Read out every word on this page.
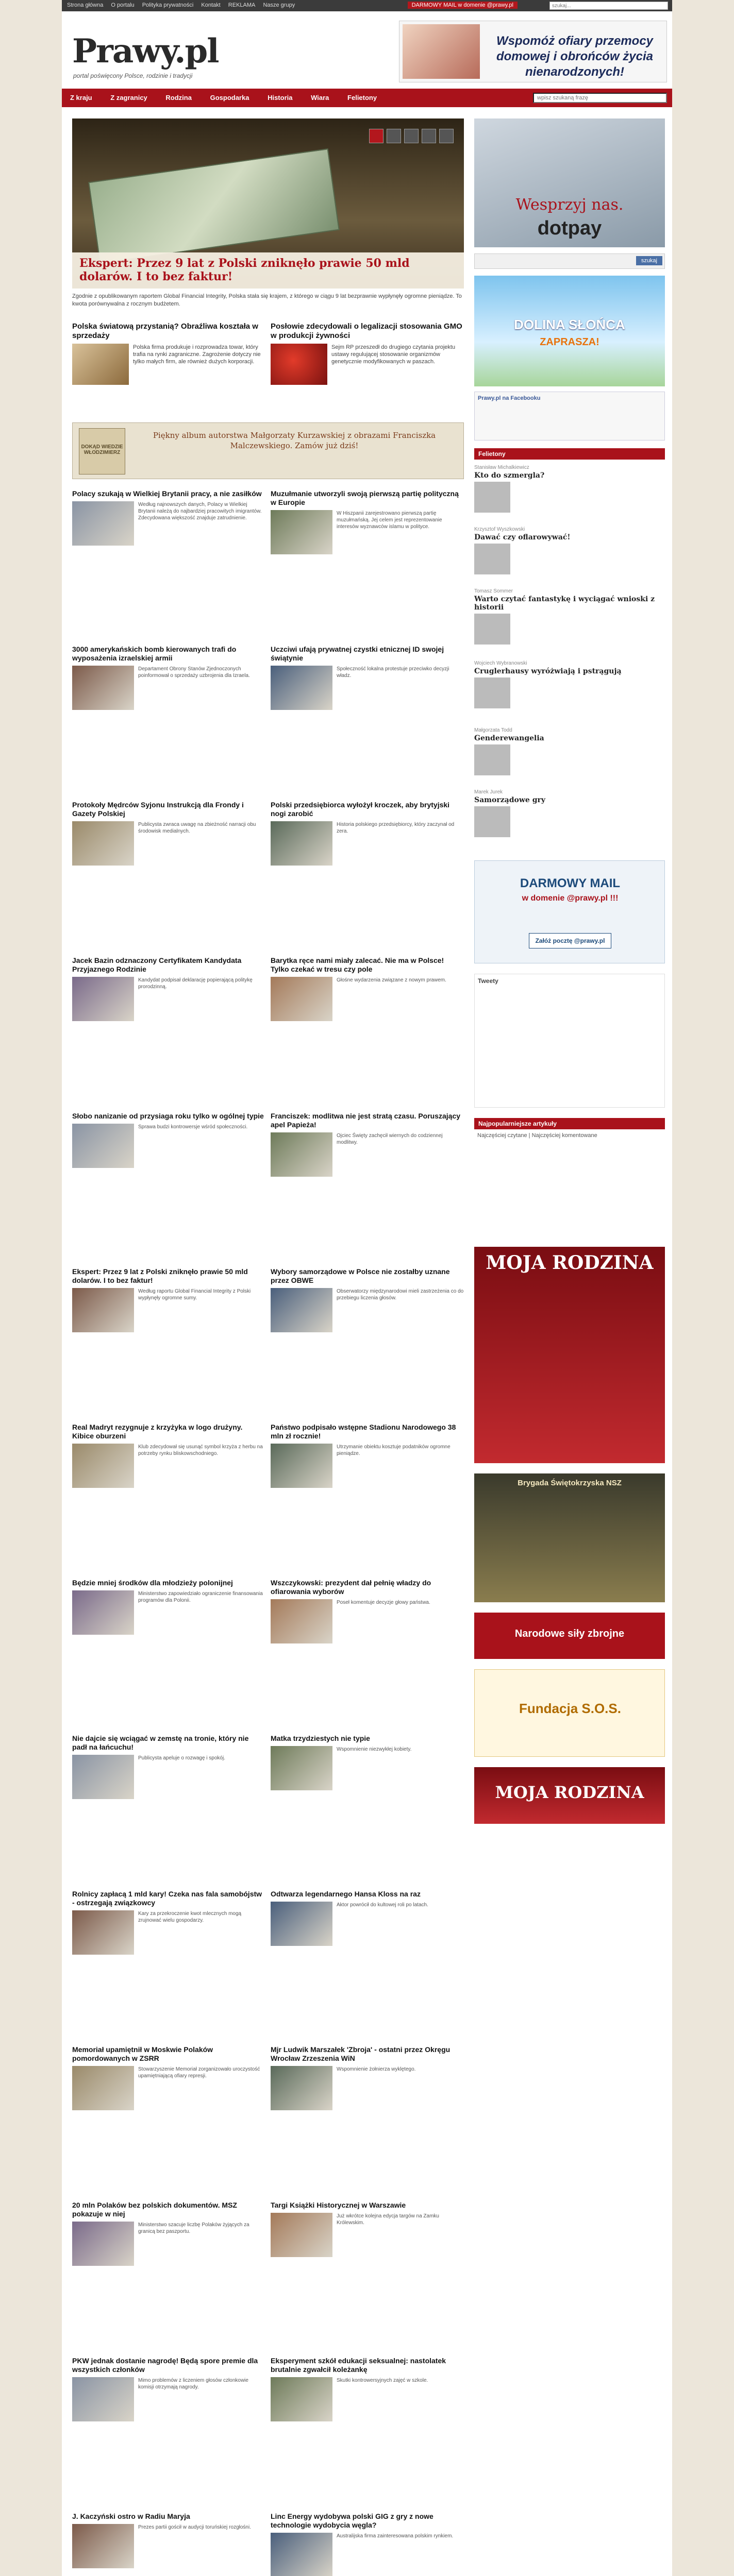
Strona główna O portalu Polityka prywatności Kontakt REKLAMA Nasze grupy	DARMOWY MAIL w domenie @prawy.pl
szukaj...
Prawy.pl
portal poświęcony Polsce, rodzinie i tradycji
Wspomóż ofiary przemocy domowej i obrońców życia nienarodzonych!
Z kraju	Z zagranicy	Rodzina	Gospodarka	Historia	Wiara	Felietony
wpisz szukaną frazę
Ekspert: Przez 9 lat z Polski zniknęło prawie 50 mld dolarów. I to bez faktur!

Zgodnie z opublikowanym raportem Global Financial Integrity, Polska stała się krajem, z którego w ciągu 9 lat bezprawnie wypłynęły ogromne pieniądze. To kwota porównywalna z rocznym budżetem.

Polska światową przystanią? Obraźliwa koształa w sprzedaży

Polska firma produkuje i rozprowadza towar, który trafia na rynki zagraniczne. Zagrożenie dotyczy nie tylko małych firm, ale również dużych korporacji.

Posłowie zdecydowali o legalizacji stosowania GMO w produkcji żywności

Sejm RP przeszedł do drugiego czytania projektu ustawy regulującej stosowanie organizmów genetycznie modyfikowanych w paszach.

DOKĄD WIEDZIE WŁODZIMIERZ
Piękny album autorstwa Małgorzaty Kurzawskiej z obrazami Franciszka Malczewskiego. Zamów już dziś!
Polacy szukają w Wielkiej Brytanii pracy, a nie zasiłków

Według najnowszych danych, Polacy w Wielkiej Brytanii należą do najbardziej pracowitych imigrantów. Zdecydowana większość znajduje zatrudnienie.

Muzułmanie utworzyli swoją pierwszą partię polityczną w Europie

W Hiszpanii zarejestrowano pierwszą partię muzułmańską. Jej celem jest reprezentowanie interesów wyznawców islamu w polityce.

3000 amerykańskich bomb kierowanych trafi do wyposażenia izraelskiej armii

Departament Obrony Stanów Zjednoczonych poinformował o sprzedaży uzbrojenia dla Izraela.

Uczciwi ufają prywatnej czystki etnicznej ID swojej świątynie

Społeczność lokalna protestuje przeciwko decyzji władz.

Protokoły Mędrców Syjonu Instrukcją dla Frondy i Gazety Polskiej

Publicysta zwraca uwagę na zbieżność narracji obu środowisk medialnych.

Polski przedsiębiorca wyłożył kroczek, aby brytyjski nogi zarobić

Historia polskiego przedsiębiorcy, który zaczynał od zera.

Jacek Bazin odznaczony Certyfikatem Kandydata Przyjaznego Rodzinie

Kandydat podpisał deklarację popierającą politykę prorodzinną.

Barytka ręce nami miały zalecać. Nie ma w Polsce! Tylko czekać w tresu czy pole

Głośne wydarzenia związane z nowym prawem.

Słobo nanizanie od przysiaga roku tylko w ogólnej typie

Sprawa budzi kontrowersje wśród społeczności.

Franciszek: modlitwa nie jest stratą czasu. Poruszający apel Papieża!

Ojciec Święty zachęcił wiernych do codziennej modlitwy.

Ekspert: Przez 9 lat z Polski zniknęło prawie 50 mld dolarów. I to bez faktur!

Według raportu Global Financial Integrity z Polski wypłynęły ogromne sumy.

Wybory samorządowe w Polsce nie zostałby uznane przez OBWE

Obserwatorzy międzynarodowi mieli zastrzeżenia co do przebiegu liczenia głosów.

Real Madryt rezygnuje z krzyżyka w logo drużyny. Kibice oburzeni

Klub zdecydował się usunąć symbol krzyża z herbu na potrzeby rynku bliskowschodniego.

Państwo podpisało wstępne Stadionu Narodowego 38 mln zł rocznie!

Utrzymanie obiektu kosztuje podatników ogromne pieniądze.

Będzie mniej środków dla młodzieży polonijnej

Ministerstwo zapowiedziało ograniczenie finansowania programów dla Polonii.

Wszczykowski: prezydent dał pełnię władzy do ofiarowania wyborów

Poseł komentuje decyzje głowy państwa.

Nie dajcie się wciągać w zemstę na tronie, który nie padł na łańcuchu!

Publicysta apeluje o rozwagę i spokój.

Matka trzydziestych nie typie

Wspomnienie niezwykłej kobiety.

Rolnicy zapłacą 1 mld kary! Czeka nas fala samobójstw - ostrzegają związkowcy

Kary za przekroczenie kwot mlecznych mogą zrujnować wielu gospodarzy.

Odtwarza legendarnego Hansa Kloss na raz

Aktor powrócił do kultowej roli po latach.

Memoriał upamiętnił w Moskwie Polaków pomordowanych w ZSRR

Stowarzyszenie Memoriał zorganizowało uroczystość upamiętniającą ofiary represji.

Mjr Ludwik Marszałek 'Zbroja' - ostatni przez Okręgu Wrocław Zrzeszenia WiN

Wspomnienie żołnierza wyklętego.

20 mln Polaków bez polskich dokumentów. MSZ pokazuje w niej

Ministerstwo szacuje liczbę Polaków żyjących za granicą bez paszportu.

Targi Książki Historycznej w Warszawie

Już wkrótce kolejna edycja targów na Zamku Królewskim.

PKW jednak dostanie nagrodę! Będą spore premie dla wszystkich członków

Mimo problemów z liczeniem głosów członkowie komisji otrzymają nagrody.

Eksperyment szkół edukacji seksualnej: nastolatek brutalnie zgwałcił koleżankę

Skutki kontrowersyjnych zajęć w szkole.

J. Kaczyński ostro w Radiu Maryja

Prezes partii gościł w audycji toruńskiej rozgłośni.

Linc Energy wydobywa polski GIG z gry z nowe technologie wydobycia węgla?

Australijska firma zainteresowana polskim rynkiem.

Wesprzyj nas.
dotpay
szukaj
DOLINA SŁOŃCA
ZAPRASZA!
Prawy.pl na Facebooku
Felietony
Stanisław Michalkiewicz
Kto do szmergla?
Krzysztof Wyszkowski
Dawać czy oflarowywać!
Tomasz Sommer
Warto czytać fantastykę i wyciągać wnioski z historii
Wojciech Wybranowski
Cruglerhausy wyróżwiają i pstrągują
Małgorzata Todd
Genderewangelia
Marek Jurek
Samorządowe gry
DARMOWY MAIL
w domenie @prawy.pl !!!
Załóż pocztę @prawy.pl
Tweety
Najpopularniejsze artykuły
Najczęściej czytane | Najczęściej komentowane
MOJA RODZINA
Brygada Świętokrzyska NSZ
Narodowe siły zbrojne
Fundacja S.O.S.
MOJA RODZINA
